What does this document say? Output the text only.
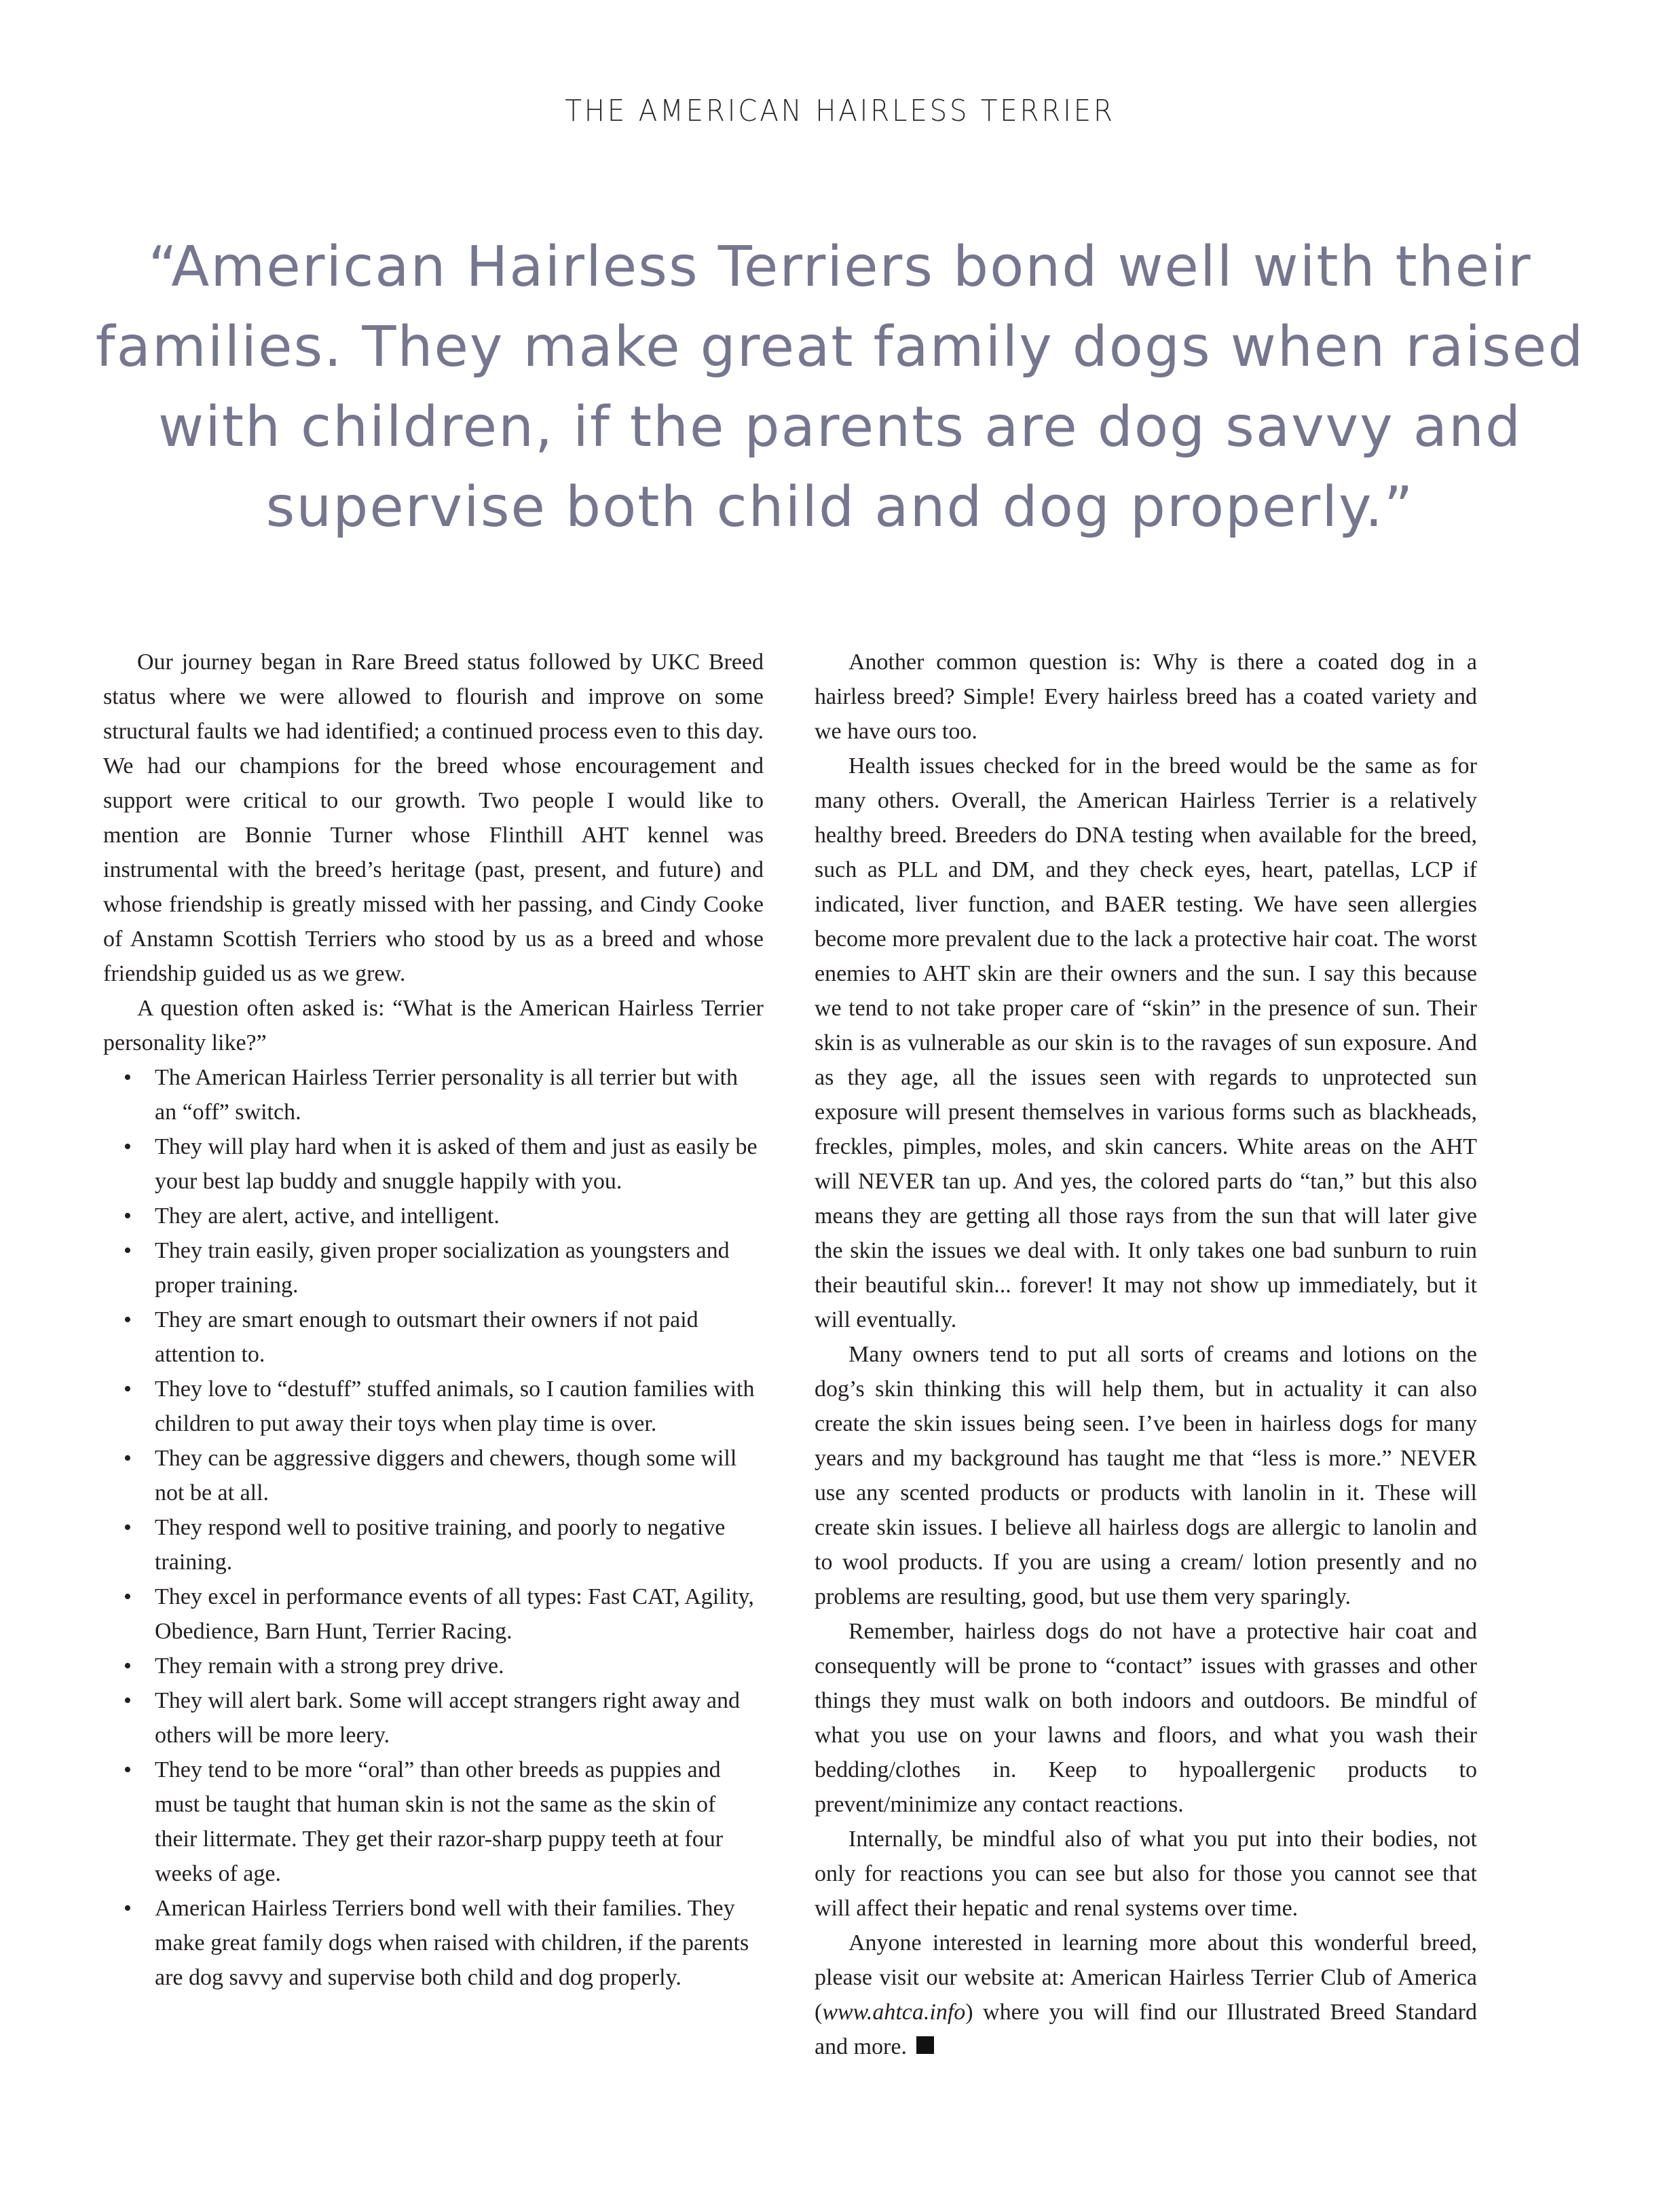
THE AMERICAN HAIRLESS TERRIER
“American Hairless Terriers bond well with their families. They make great family dogs when raised with children, if the parents are dog savvy and supervise both child and dog properly.”

Our journey began in Rare Breed status followed by UKC Breed status where we were allowed to flourish and improve on some structural faults we had identified; a continued process even to this day. We had our champions for the breed whose encouragement and support were critical to our growth. Two people I would like to mention are Bonnie Turner whose Flinthill AHT kennel was instrumental with the breed’s heritage (past, present, and future) and whose friendship is greatly missed with her passing, and Cindy Cooke of Anstamn Scottish Terriers who stood by us as a breed and whose friendship guided us as we grew.

A question often asked is: “What is the American Hairless Terrier personality like?”

• The American Hairless Terrier personality is all terrier but with an “off” switch.
• They will play hard when it is asked of them and just as easily be your best lap buddy and snuggle happily with you.
• They are alert, active, and intelligent.
• They train easily, given proper socialization as youngsters and proper training.
• They are smart enough to outsmart their owners if not paid attention to.
• They love to “destuff” stuffed animals, so I caution families with children to put away their toys when play time is over.
• They can be aggressive diggers and chewers, though some will not be at all.
• They respond well to positive training, and poorly to negative training.
• They excel in performance events of all types: Fast CAT, Agility, Obedience, Barn Hunt, Terrier Racing.
• They remain with a strong prey drive.
• They will alert bark. Some will accept strangers right away and others will be more leery.
• They tend to be more “oral” than other breeds as puppies and must be taught that human skin is not the same as the skin of their littermate. They get their razor-sharp puppy teeth at four weeks of age.
• American Hairless Terriers bond well with their families. They make great family dogs when raised with children, if the parents are dog savvy and supervise both child and dog properly.

Another common question is: Why is there a coated dog in a hairless breed? Simple! Every hairless breed has a coated variety and we have ours too.

Health issues checked for in the breed would be the same as for many others. Overall, the American Hairless Terrier is a relatively healthy breed. Breeders do DNA testing when available for the breed, such as PLL and DM, and they check eyes, heart, patellas, LCP if indicated, liver function, and BAER testing. We have seen allergies become more prevalent due to the lack a protective hair coat. The worst enemies to AHT skin are their owners and the sun. I say this because we tend to not take proper care of “skin” in the presence of sun. Their skin is as vulnerable as our skin is to the ravages of sun exposure. And as they age, all the issues seen with regards to unprotected sun exposure will present themselves in various forms such as blackheads, freckles, pimples, moles, and skin cancers. White areas on the AHT will NEVER tan up. And yes, the colored parts do “tan,” but this also means they are getting all those rays from the sun that will later give the skin the issues we deal with. It only takes one bad sunburn to ruin their beautiful skin... forever! It may not show up immediately, but it will eventually.

Many owners tend to put all sorts of creams and lotions on the dog’s skin thinking this will help them, but in actuality it can also create the skin issues being seen. I’ve been in hairless dogs for many years and my background has taught me that “less is more.” NEVER use any scented products or products with lanolin in it. These will create skin issues. I believe all hairless dogs are allergic to lanolin and to wool products. If you are using a cream/ lotion presently and no problems are resulting, good, but use them very sparingly.

Remember, hairless dogs do not have a protective hair coat and consequently will be prone to “contact” issues with grasses and other things they must walk on both indoors and outdoors. Be mindful of what you use on your lawns and floors, and what you wash their bedding/clothes in. Keep to hypoallergenic products to prevent/minimize any contact reactions.

Internally, be mindful also of what you put into their bodies, not only for reactions you can see but also for those you cannot see that will affect their hepatic and renal systems over time.

Anyone interested in learning more about this wonderful breed, please visit our website at: American Hairless Terrier Club of America (www.ahtca.info) where you will find our Illustrated Breed Standard and more.
